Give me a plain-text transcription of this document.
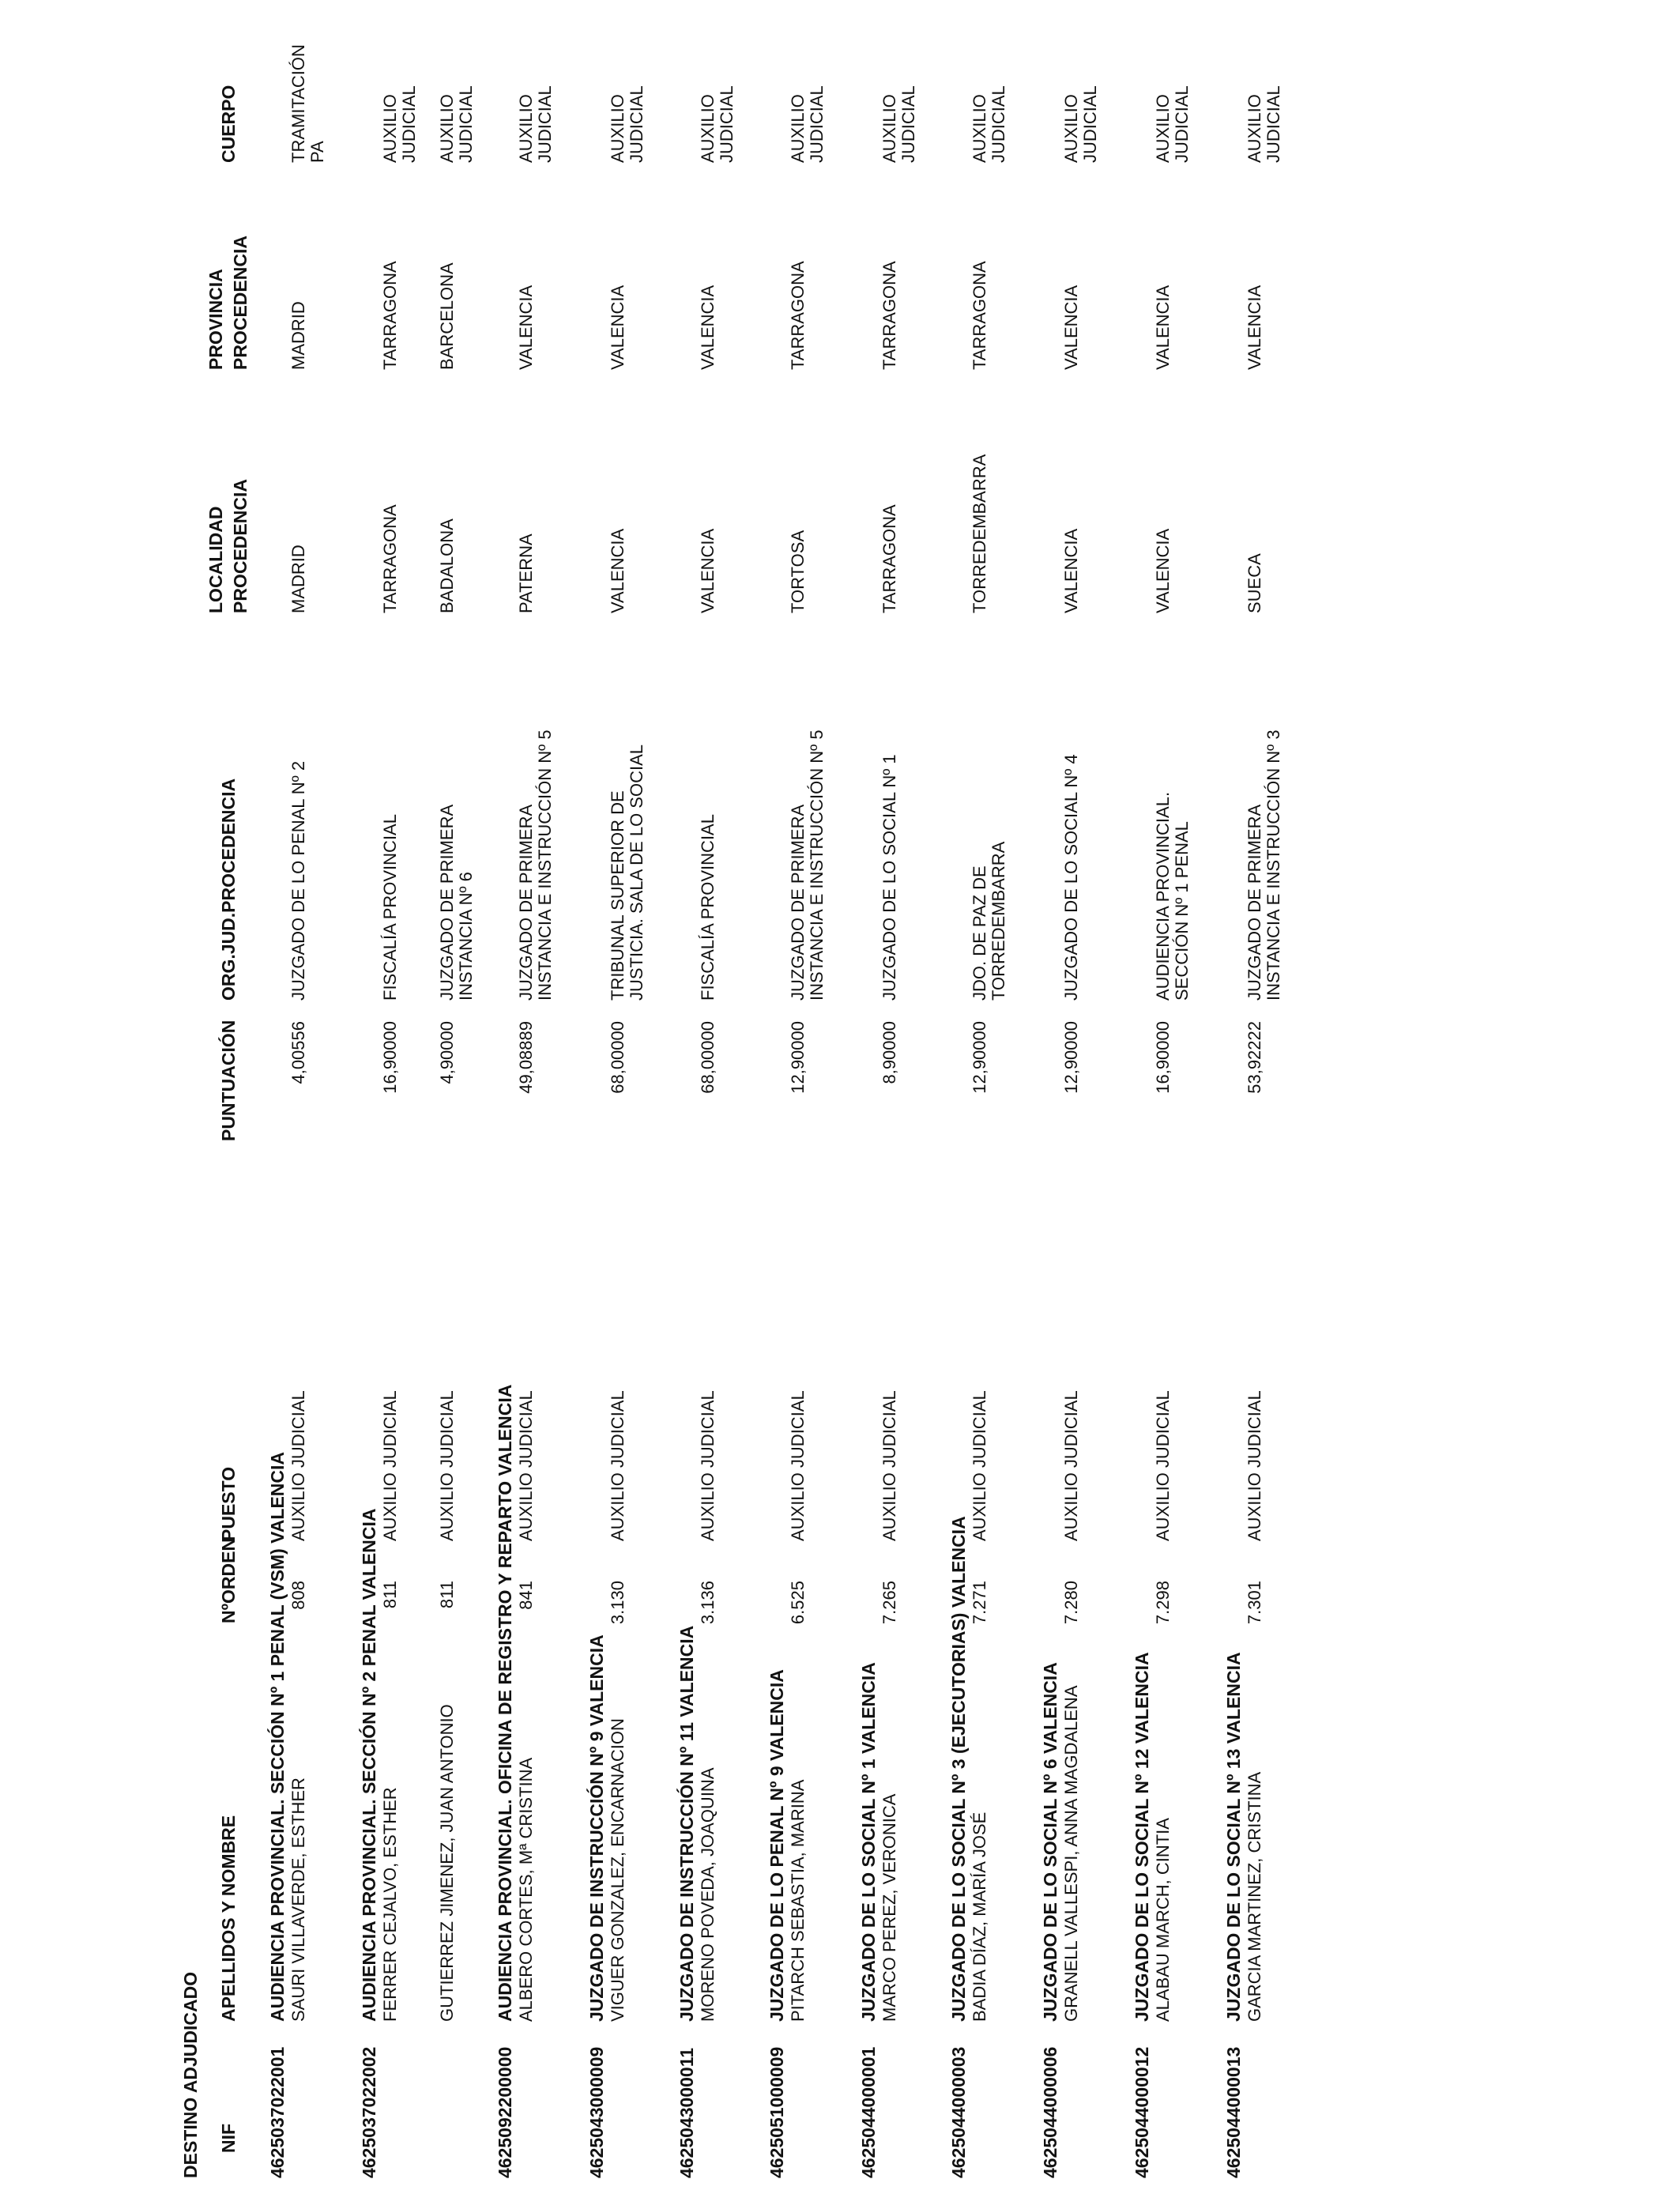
DESTINO ADJUDICADO NIF
APELLIDOS Y NOMBRE
NºORDEN
PUESTO
PUNTUACIÓN
ORG.JUD.PROCEDENCIA
LOCALIDAD PROCEDENCIA
PROVINCIA PROCEDENCIA
CUERPO
462503702200​1
AUDIENCIA PROVINCIAL. SECCIÓN Nº 1 PENAL (VSM) VALENCIA SAURI VILLAVERDE, ESTHER
808
AUXILIO JUDICIAL
4,00556
JUZGADO DE LO PENAL Nº 2
MADRID
MADRID
TRAMITACIÓN PA
4625037022002
AUDIENCIA PROVINCIAL. SECCIÓN Nº 2 PENAL VALENCIA FERRER CEJALVO, ESTHER
811
AUXILIO JUDICIAL
16,90000
FISCALÍA PROVINCIAL
TARRAGONA
TARRAGONA
AUXILIO JUDICIAL
GUTIERREZ JIMENEZ, JUAN ANTONIO
811
AUXILIO JUDICIAL
4,90000
JUZGADO DE PRIMERA INSTANCIA Nº 6
BADALONA
BARCELONA
AUXILIO JUDICIAL
4625092200000
AUDIENCIA PROVINCIAL. OFICINA DE REGISTRO Y REPARTO VALENCIA ALBERO CORTES, Mª CRISTINA
841
AUXILIO JUDICIAL
49,08889
JUZGADO DE PRIMERA INSTANCIA E INSTRUCCIÓN Nº 5
PATERNA
VALENCIA
AUXILIO JUDICIAL
4625043000009
JUZGADO DE INSTRUCCIÓN Nº 9 VALENCIA VIGUER GONZALEZ, ENCARNACION
3.130
AUXILIO JUDICIAL
68,00000
TRIBUNAL SUPERIOR DE JUSTICIA. SALA DE LO SOCIAL
VALENCIA
VALENCIA
AUXILIO JUDICIAL
4625043000011
JUZGADO DE INSTRUCCIÓN Nº 11 VALENCIA MORENO POVEDA, JOAQUINA
3.136
AUXILIO JUDICIAL
68,00000
FISCALÍA PROVINCIAL
VALENCIA
VALENCIA
AUXILIO JUDICIAL
4625051000009
JUZGADO DE LO PENAL Nº 9 VALENCIA PITARCH SEBASTIA, MARINA
6.525
AUXILIO JUDICIAL
12,90000
JUZGADO DE PRIMERA INSTANCIA E INSTRUCCIÓN Nº 5
TORTOSA
TARRAGONA
AUXILIO JUDICIAL
4625044000001
JUZGADO DE LO SOCIAL Nº 1 VALENCIA MARCO PEREZ, VERONICA
7.265
AUXILIO JUDICIAL
8,90000
JUZGADO DE LO SOCIAL Nº 1
TARRAGONA
TARRAGONA
AUXILIO JUDICIAL
4625044000003
JUZGADO DE LO SOCIAL Nº 3 (EJECUTORIAS) VALENCIA BADIA DÍAZ, MARÍA JOSÉ
7.271
AUXILIO JUDICIAL
12,90000
JDO. DE PAZ DE TORREDEMBARRA
TORREDEMBARRA
TARRAGONA
AUXILIO JUDICIAL
4625044000006
JUZGADO DE LO SOCIAL Nº 6 VALENCIA GRANELL VALLESPI, ANNA MAGDALENA
7.280
AUXILIO JUDICIAL
12,90000
JUZGADO DE LO SOCIAL Nº 4
VALENCIA
VALENCIA
AUXILIO JUDICIAL
4625044000012
JUZGADO DE LO SOCIAL Nº 12 VALENCIA ALABAU MARCH, CINTIA
7.298
AUXILIO JUDICIAL
16,90000
AUDIENCIA PROVINCIAL. SECCIÓN Nº 1 PENAL
VALENCIA
VALENCIA
AUXILIO JUDICIAL
4625044000013
JUZGADO DE LO SOCIAL Nº 13 VALENCIA GARCIA MARTINEZ, CRISTINA
7.301
AUXILIO JUDICIAL
53,92222
JUZGADO DE PRIMERA INSTANCIA E INSTRUCCIÓN Nº 3
SUECA
VALENCIA
AUXILIO JUDICIAL
